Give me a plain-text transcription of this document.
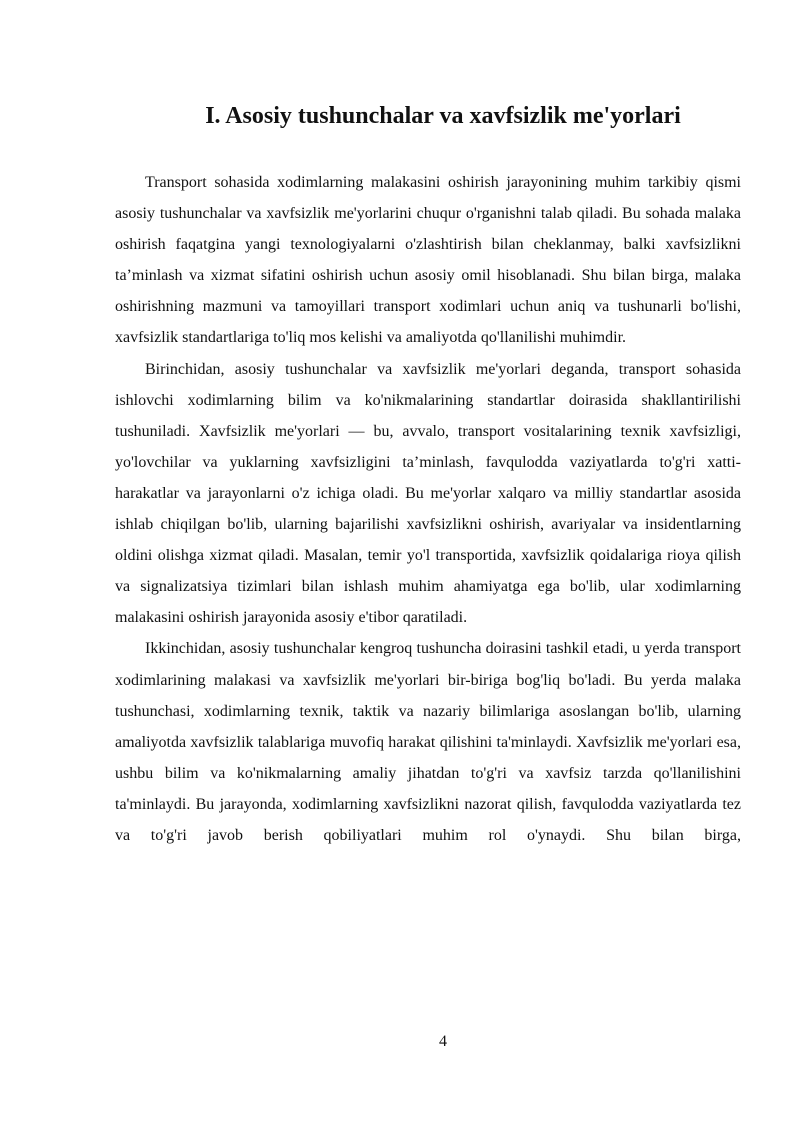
I. Asosiy tushunchalar va xavfsizlik me'yorlari

Transport sohasida xodimlarning malakasini oshirish jarayonining muhim tarkibiy qismi asosiy tushunchalar va xavfsizlik me'yorlarini chuqur o'rganishni talab qiladi. Bu sohada malaka oshirish faqatgina yangi texnologiyalarni o'zlashtirish bilan cheklanmay, balki xavfsizlikni ta’minlash va xizmat sifatini oshirish uchun asosiy omil hisoblanadi. Shu bilan birga, malaka oshirishning mazmuni va tamoyillari transport xodimlari uchun aniq va tushunarli bo'lishi, xavfsizlik standartlariga to'liq mos kelishi va amaliyotda qo'llanilishi muhimdir.

Birinchidan, asosiy tushunchalar va xavfsizlik me'yorlari deganda, transport sohasida ishlovchi xodimlarning bilim va ko'nikmalarining standartlar doirasida shakllantirilishi tushuniladi. Xavfsizlik me'yorlari — bu, avvalo, transport vositalarining texnik xavfsizligi, yo'lovchilar va yuklarning xavfsizligini ta’minlash, favqulodda vaziyatlarda to'g'ri xatti-harakatlar va jarayonlarni o'z ichiga oladi. Bu me'yorlar xalqaro va milliy standartlar asosida ishlab chiqilgan bo'lib, ularning bajarilishi xavfsizlikni oshirish, avariyalar va insidentlarning oldini olishga xizmat qiladi. Masalan, temir yo'l transportida, xavfsizlik qoidalariga rioya qilish va signalizatsiya tizimlari bilan ishlash muhim ahamiyatga ega bo'lib, ular xodimlarning malakasini oshirish jarayonida asosiy e'tibor qaratiladi.

Ikkinchidan, asosiy tushunchalar kengroq tushuncha doirasini tashkil etadi, u yerda transport xodimlarining malakasi va xavfsizlik me'yorlari bir-biriga bog'liq bo'ladi. Bu yerda malaka tushunchasi, xodimlarning texnik, taktik va nazariy bilimlariga asoslangan bo'lib, ularning amaliyotda xavfsizlik talablariga muvofiq harakat qilishini ta'minlaydi. Xavfsizlik me'yorlari esa, ushbu bilim va ko'nikmalarning amaliy jihatdan to'g'ri va xavfsiz tarzda qo'llanilishini ta'minlaydi. Bu jarayonda, xodimlarning xavfsizlikni nazorat qilish, favqulodda vaziyatlarda tez va to'g'ri javob berish qobiliyatlari muhim rol o'ynaydi. Shu bilan birga,

4
